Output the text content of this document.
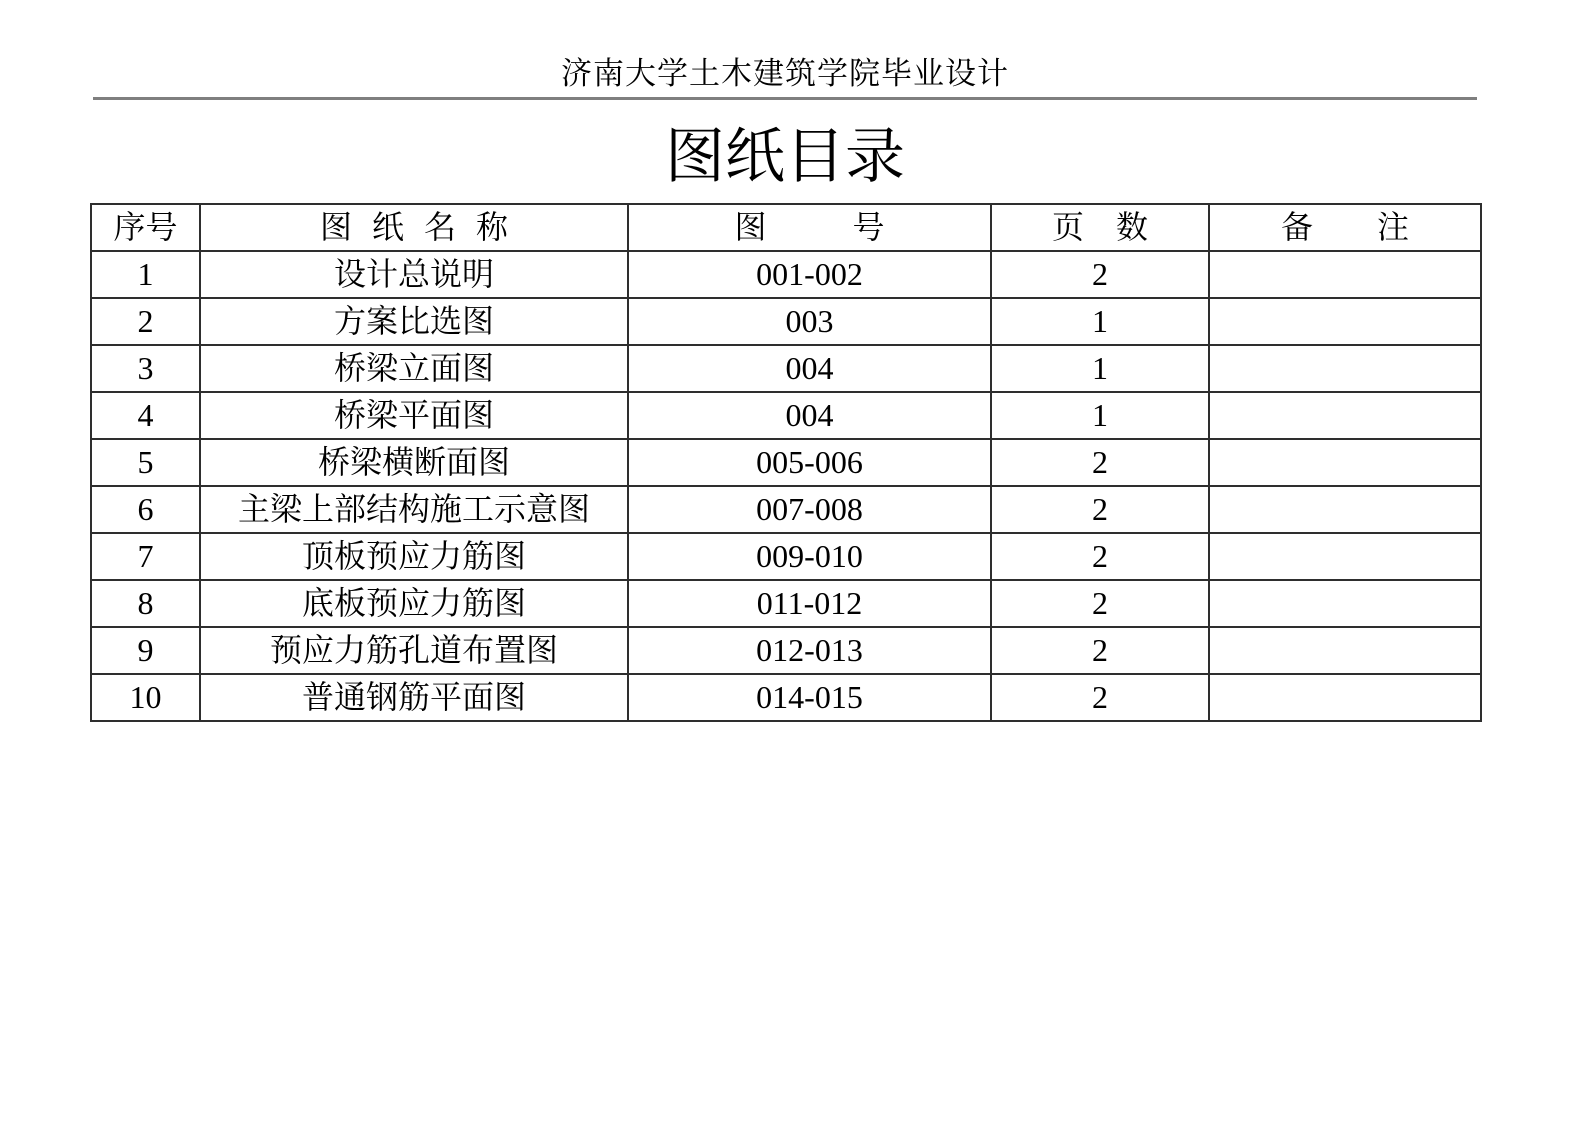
济南大学土木建筑学院毕业设计
图纸目录
序号	图 纸 名 称	图 号	页 数	备 注
1	设计总说明	001-002	2	
2	方案比选图	003	1	
3	桥梁立面图	004	1	
4	桥梁平面图	004	1	
5	桥梁横断面图	005-006	2	
6	主梁上部结构施工示意图	007-008	2	
7	顶板预应力筋图	009-010	2	
8	底板预应力筋图	011-012	2	
9	预应力筋孔道布置图	012-013	2	
10	普通钢筋平面图	014-015	2	
